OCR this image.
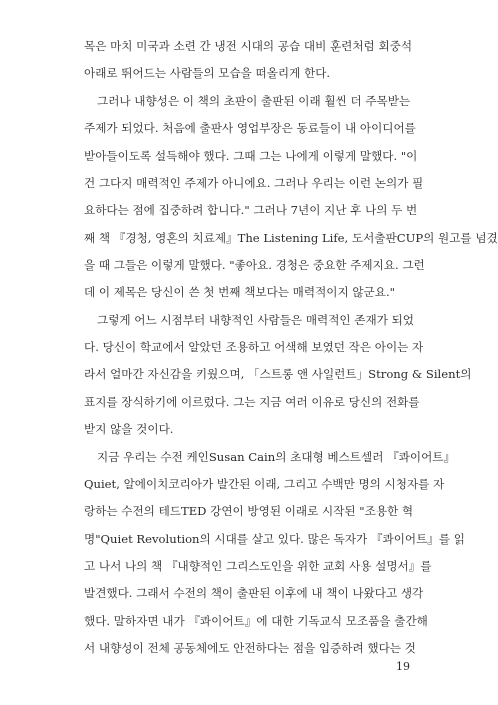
목은 마치 미국과 소련 간 냉전 시대의 공습 대비 훈련처럼 회중석
아래로 뛰어드는 사람들의 모습을 떠올리게 한다.
그러나 내향성은 이 책의 초판이 출판된 이래 훨씬 더 주목받는
주제가 되었다. 처음에 출판사 영업부장은 동료들이 내 아이디어를
받아들이도록 설득해야 했다. 그때 그는 나에게 이렇게 말했다. "이
건 그다지 매력적인 주제가 아니에요. 그러나 우리는 이런 논의가 필
요하다는 점에 집중하려 합니다." 그러나 7년이 지난 후 나의 두 번
째 책 『경청, 영혼의 치료제』The Listening Life, 도서출판CUP의 원고를 넘겼
을 때 그들은 이렇게 말했다. "좋아요. 경청은 중요한 주제지요. 그런
데 이 제목은 당신이 쓴 첫 번째 책보다는 매력적이지 않군요."
그렇게 어느 시점부터 내향적인 사람들은 매력적인 존재가 되었
다. 당신이 학교에서 알았던 조용하고 어색해 보였던 작은 아이는 자
라서 얼마간 자신감을 키웠으며, 「스트롱 앤 사일런트」Strong & Silent의
표지를 장식하기에 이르렀다. 그는 지금 여러 이유로 당신의 전화를
받지 않을 것이다.
지금 우리는 수전 케인Susan Cain의 초대형 베스트셀러 『콰이어트』
Quiet, 알에이치코리아가 발간된 이래, 그리고 수백만 명의 시청자를 자
랑하는 수전의 테드TED 강연이 방영된 이래로 시작된 "조용한 혁
명"Quiet Revolution의 시대를 살고 있다. 많은 독자가 『콰이어트』를 읽
고 나서 나의 책 『내향적인 그리스도인을 위한 교회 사용 설명서』를
발견했다. 그래서 수전의 책이 출판된 이후에 내 책이 나왔다고 생각
했다. 말하자면 내가 『콰이어트』에 대한 기독교식 모조품을 출간해
서 내향성이 전체 공동체에도 안전하다는 점을 입증하려 했다는 것
19
